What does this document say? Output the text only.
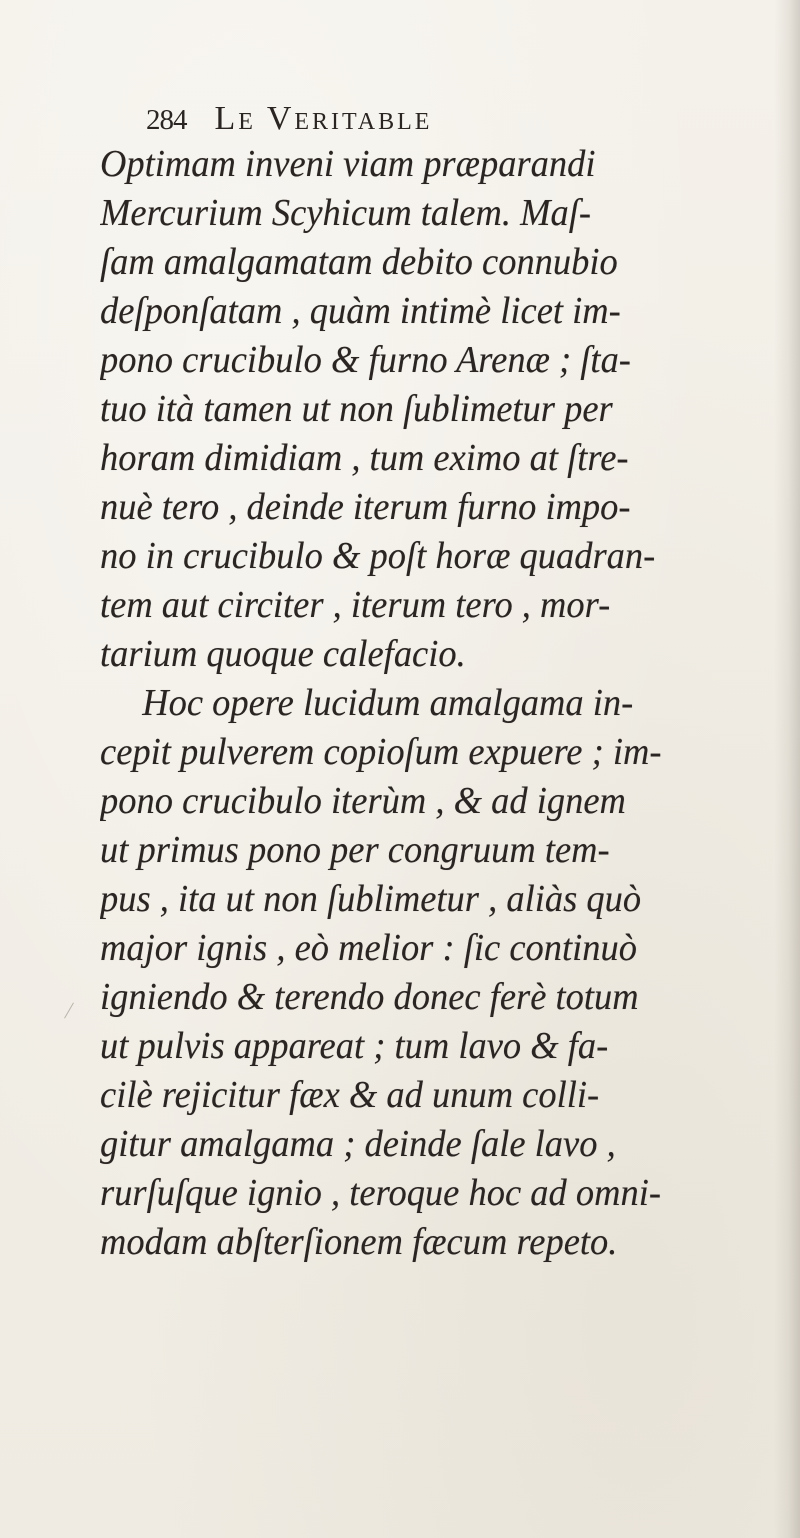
284 Le Veritable
Optimam inveni viam præparandi
Mercurium Scyhicum talem. Maſ-
ſam amalgamatam debito connubio
deſponſatam , quàm intimè licet im-
pono crucibulo & furno Arenæ ; ſta-
tuo ità tamen ut non ſublimetur per
horam dimidiam , tum eximo at ſtre-
nuè tero , deinde iterum furno impo-
no in crucibulo & poſt horæ quadran-
tem aut circiter , iterum tero , mor-
tarium quoque calefacio.
Hoc opere lucidum amalgama in-
cepit pulverem copioſum expuere ; im-
pono crucibulo iterùm , & ad ignem
ut primus pono per congruum tem-
pus , ita ut non ſublimetur , aliàs quò
major ignis , eò melior : ſic continuò
igniendo & terendo donec ferè totum
ut pulvis appareat ; tum lavo & fa-
cilè rejicitur fæx & ad unum colli-
gitur amalgama ; deinde ſale lavo ,
rurſuſque ignio , teroque hoc ad omni-
modam abſterſionem fæcum repeto.
